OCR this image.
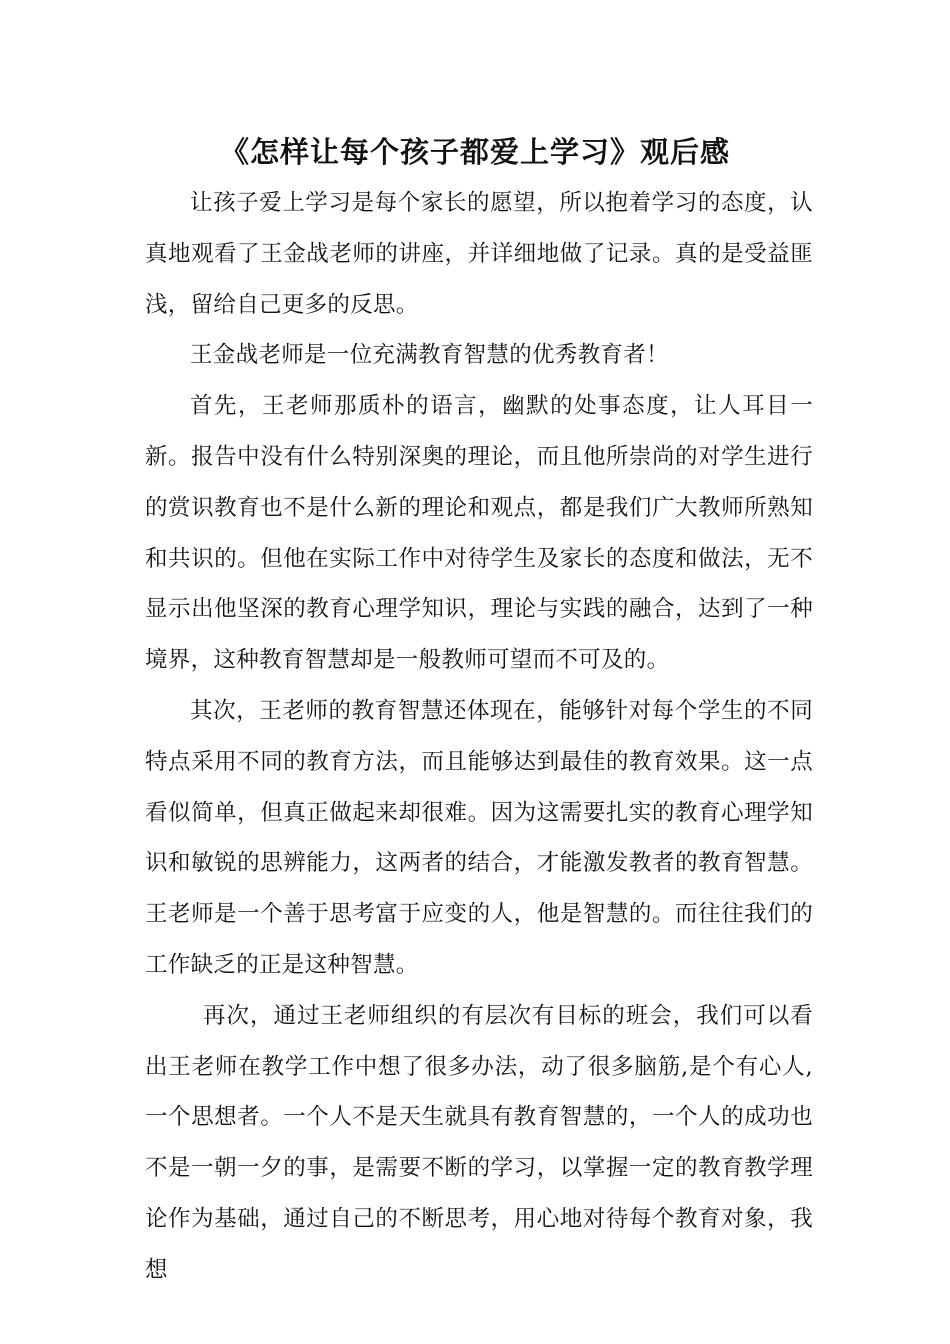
《怎样让每个孩子都爱上学习》观后感

让孩子爱上学习是每个家长的愿望，所以抱着学习的态度，认真地观看了王金战老师的讲座，并详细地做了记录。真的是受益匪浅，留给自己更多的反思。

王金战老师是一位充满教育智慧的优秀教育者！

首先，王老师那质朴的语言，幽默的处事态度，让人耳目一新。报告中没有什么特别深奥的理论，而且他所崇尚的对学生进行的赏识教育也不是什么新的理论和观点，都是我们广大教师所熟知和共识的。但他在实际工作中对待学生及家长的态度和做法，无不显示出他坚深的教育心理学知识，理论与实践的融合，达到了一种境界，这种教育智慧却是一般教师可望而不可及的。

其次，王老师的教育智慧还体现在，能够针对每个学生的不同特点采用不同的教育方法，而且能够达到最佳的教育效果。这一点看似简单，但真正做起来却很难。因为这需要扎实的教育心理学知识和敏锐的思辨能力，这两者的结合，才能激发教者的教育智慧。王老师是一个善于思考富于应变的人，他是智慧的。而往往我们的工作缺乏的正是这种智慧。

再次，通过王老师组织的有层次有目标的班会，我们可以看出王老师在教学工作中想了很多办法，动了很多脑筋,是个有心人,一个思想者。一个人不是天生就具有教育智慧的，一个人的成功也不是一朝一夕的事，是需要不断的学习，以掌握一定的教育教学理论作为基础，通过自己的不断思考，用心地对待每个教育对象，我想
